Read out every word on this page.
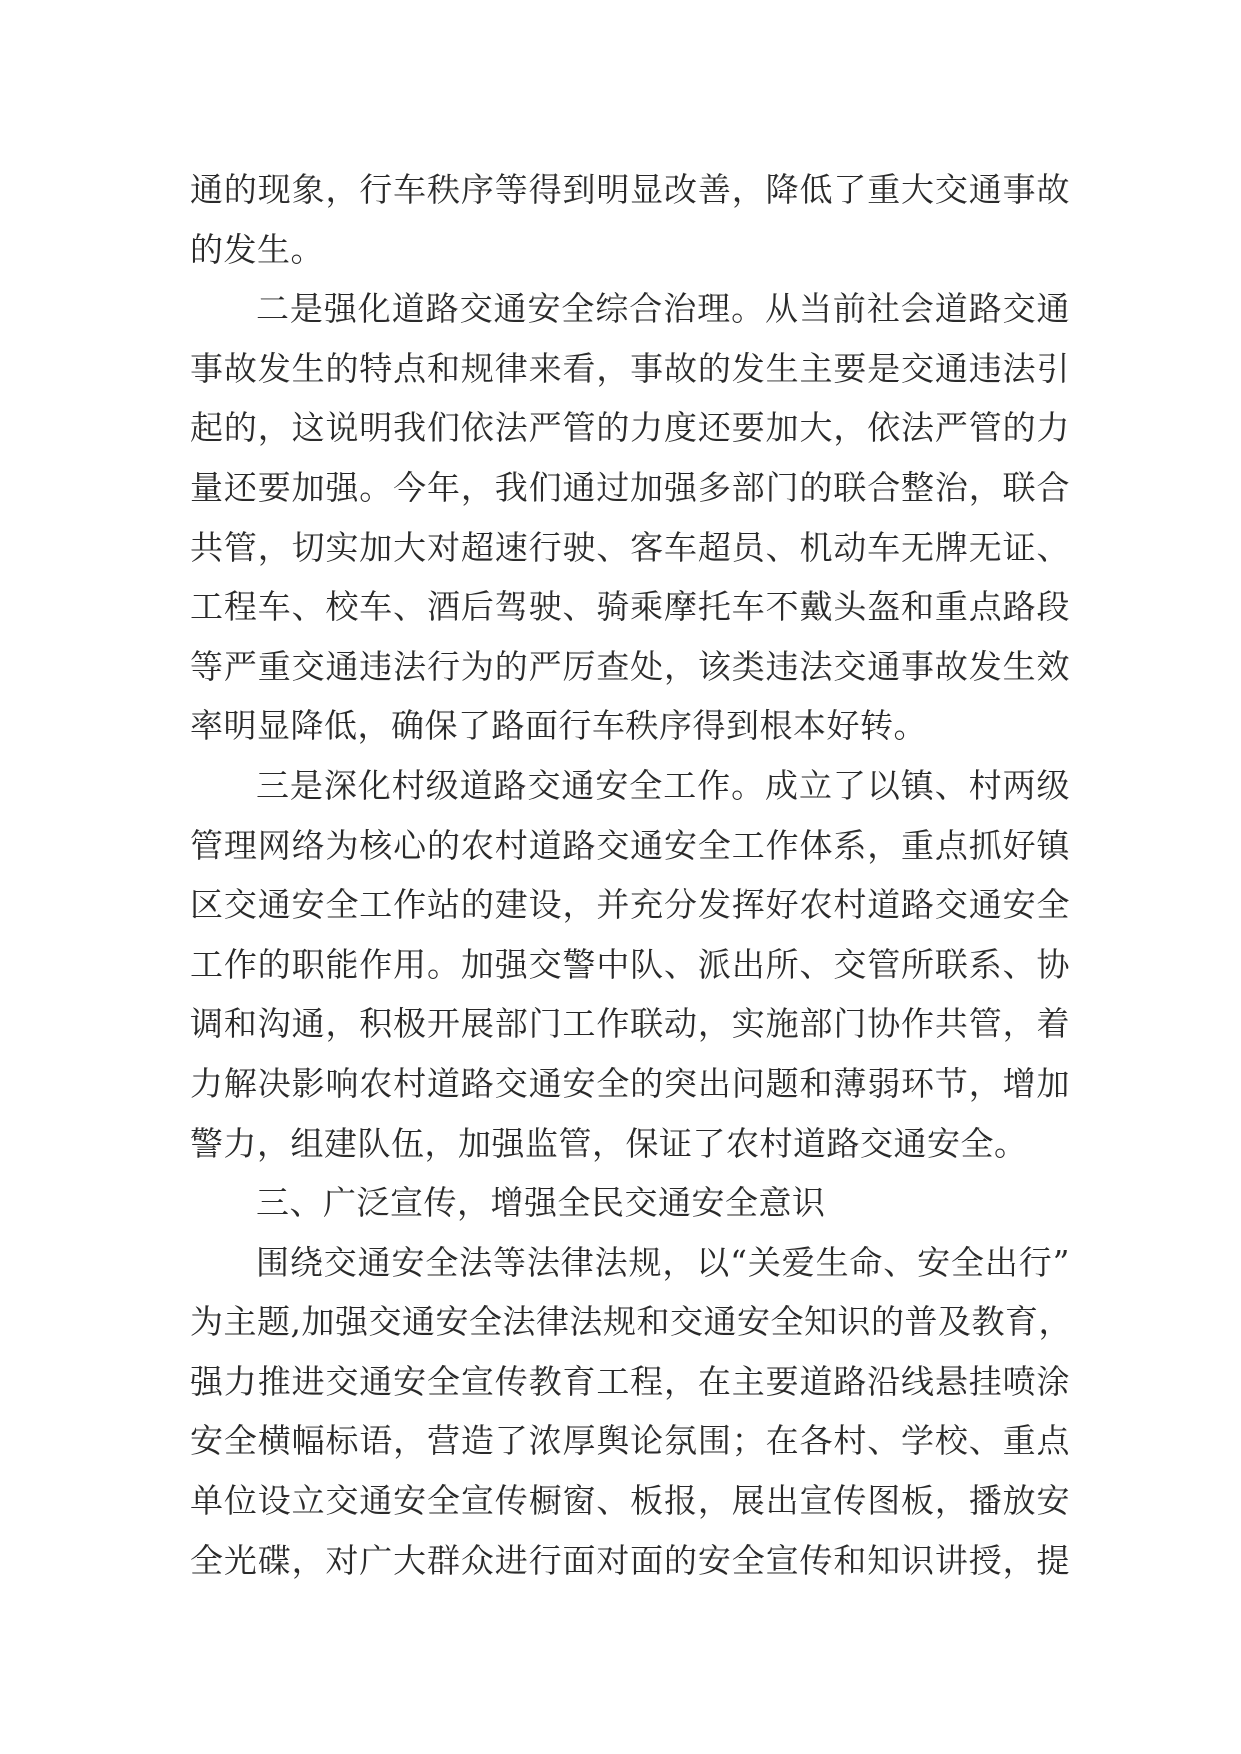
通的现象，行车秩序等得到明显改善，降低了重大交通事故
的发生。
二是强化道路交通安全综合治理。从当前社会道路交通
事故发生的特点和规律来看，事故的发生主要是交通违法引
起的，这说明我们依法严管的力度还要加大，依法严管的力
量还要加强。今年，我们通过加强多部门的联合整治，联合
共管，切实加大对超速行驶、客车超员、机动车无牌无证、
工程车、校车、酒后驾驶、骑乘摩托车不戴头盔和重点路段
等严重交通违法行为的严厉查处，该类违法交通事故发生效
率明显降低，确保了路面行车秩序得到根本好转。
三是深化村级道路交通安全工作。成立了以镇、村两级
管理网络为核心的农村道路交通安全工作体系，重点抓好镇
区交通安全工作站的建设，并充分发挥好农村道路交通安全
工作的职能作用。加强交警中队、派出所、交管所联系、协
调和沟通，积极开展部门工作联动，实施部门协作共管，着
力解决影响农村道路交通安全的突出问题和薄弱环节，增加
警力，组建队伍，加强监管，保证了农村道路交通安全。
三、广泛宣传，增强全民交通安全意识
围绕交通安全法等法律法规，以“关爱生命、安全出行”
为主题,加强交通安全法律法规和交通安全知识的普及教育，
强力推进交通安全宣传教育工程，在主要道路沿线悬挂喷涂
安全横幅标语，营造了浓厚舆论氛围；在各村、学校、重点
单位设立交通安全宣传橱窗、板报，展出宣传图板，播放安
全光碟，对广大群众进行面对面的安全宣传和知识讲授，提
